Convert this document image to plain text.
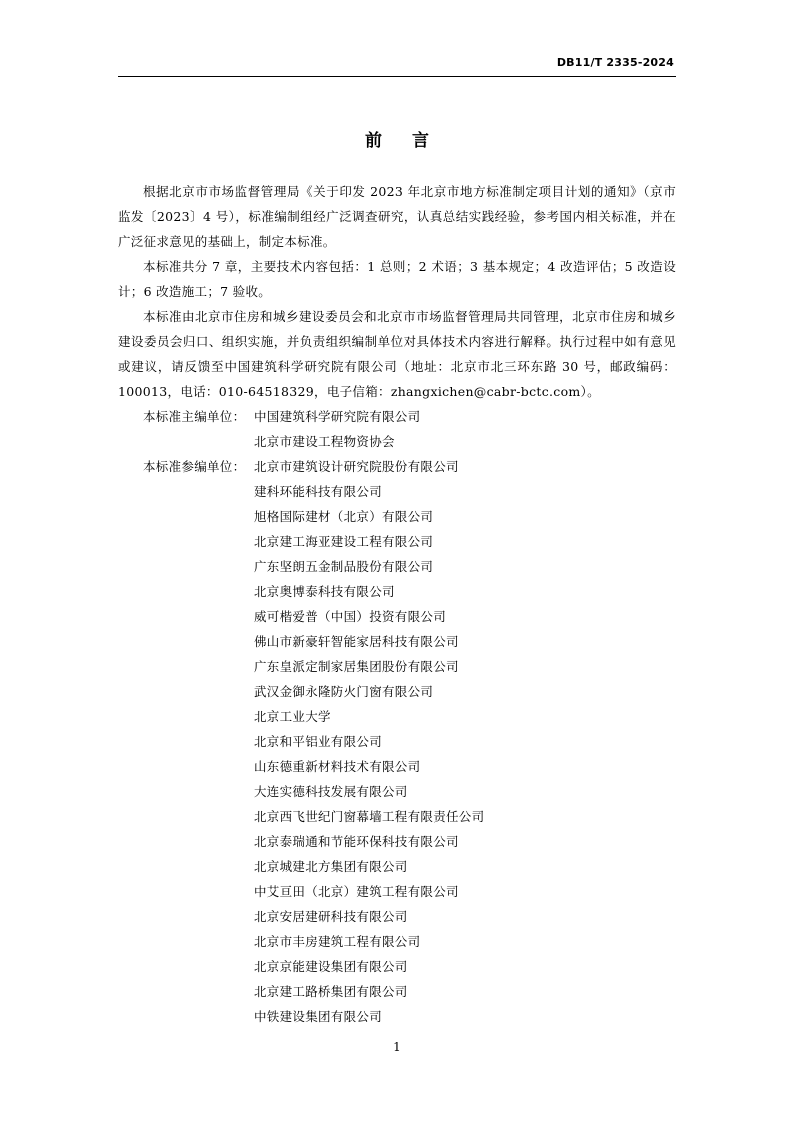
DB11/T 2335-2024
前言

根据北京市市场监督管理局《关于印发 2023 年北京市地方标准制定项目计划的通知》（京市监发〔2023〕4 号），标准编制组经广泛调查研究，认真总结实践经验，参考国内相关标准，并在广泛征求意见的基础上，制定本标准。

本标准共分 7 章，主要技术内容包括：1 总则；2 术语；3 基本规定；4 改造评估；5 改造设计；6 改造施工；7 验收。

本标准由北京市住房和城乡建设委员会和北京市市场监督管理局共同管理，北京市住房和城乡建设委员会归口、组织实施，并负责组织编制单位对具体技术内容进行解释。执行过程中如有意见或建议，请反馈至中国建筑科学研究院有限公司（地址：北京市北三环东路 30 号，邮政编码：100013，电话：010-64518329，电子信箱：zhangxichen@cabr-bctc.com）。

本标准主编单位： 中国建筑科学研究院有限公司
北京市建设工程物资协会
本标准参编单位： 北京市建筑设计研究院股份有限公司
建科环能科技有限公司
旭格国际建材（北京）有限公司
北京建工海亚建设工程有限公司
广东坚朗五金制品股份有限公司
北京奥博泰科技有限公司
威可楷爱普（中国）投资有限公司
佛山市新豪轩智能家居科技有限公司
广东皇派定制家居集团股份有限公司
武汉金御永隆防火门窗有限公司
北京工业大学
北京和平铝业有限公司
山东德重新材料技术有限公司
大连实德科技发展有限公司
北京西飞世纪门窗幕墙工程有限责任公司
北京泰瑞通和节能环保科技有限公司
北京城建北方集团有限公司
中艾亘田（北京）建筑工程有限公司
北京安居建研科技有限公司
北京市丰房建筑工程有限公司
北京京能建设集团有限公司
北京建工路桥集团有限公司
中铁建设集团有限公司
1
